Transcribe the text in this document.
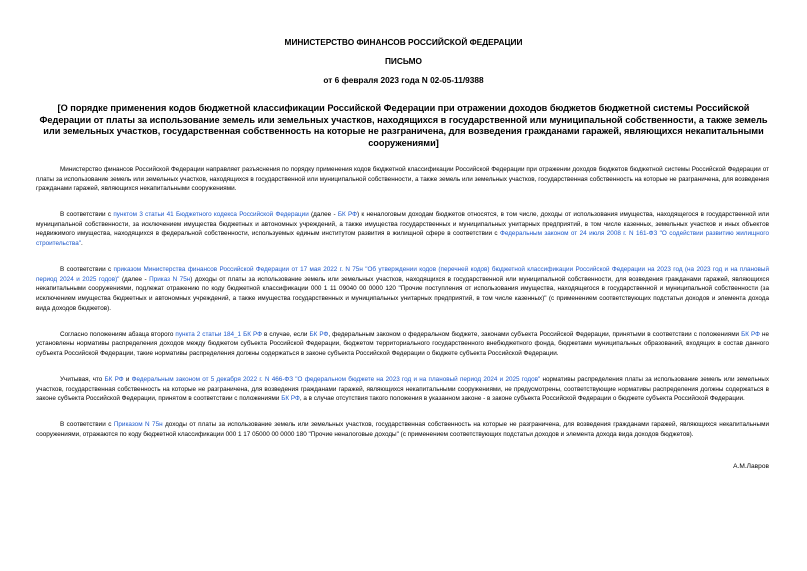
МИНИСТЕРСТВО ФИНАНСОВ РОССИЙСКОЙ ФЕДЕРАЦИИ
ПИСЬМО
от 6 февраля 2023 года N 02-05-11/9388
[О порядке применения кодов бюджетной классификации Российской Федерации при отражении доходов бюджетов бюджетной системы Российской Федерации от платы за использование земель или земельных участков, находящихся в государственной или муниципальной собственности, а также земель или земельных участков, государственная собственность на которые не разграничена, для возведения гражданами гаражей, являющихся некапитальными сооружениями]

Министерство финансов Российской Федерации направляет разъяснения по порядку применения кодов бюджетной классификации Российской Федерации при отражении доходов бюджетов бюджетной системы Российской Федерации от платы за использование земель или земельных участков, находящихся в государственной или муниципальной собственности, а также земель или земельных участков, государственная собственность на которые не разграничена, для возведения гражданами гаражей, являющихся некапитальными сооружениями.

В соответствии с пунктом 3 статьи 41 Бюджетного кодекса Российской Федерации (далее - БК РФ) к неналоговым доходам бюджетов относятся, в том числе, доходы от использования имущества, находящегося в государственной или муниципальной собственности, за исключением имущества бюджетных и автономных учреждений, а также имущества государственных и муниципальных унитарных предприятий, в том числе казенных, земельных участков и иных объектов недвижимого имущества, находящихся в федеральной собственности, используемых единым институтом развития в жилищной сфере в соответствии с Федеральным законом от 24 июля 2008 г. N 161-ФЗ "О содействии развитию жилищного строительства".

В соответствии с приказом Министерства финансов Российской Федерации от 17 мая 2022 г. N 75н "Об утверждении кодов (перечней кодов) бюджетной классификации Российской Федерации на 2023 год (на 2023 год и на плановый период 2024 и 2025 годов)" (далее - Приказ N 75н) доходы от платы за использование земель или земельных участков, находящихся в государственной или муниципальной собственности, для возведения гражданами гаражей, являющихся некапитальными сооружениями, подлежат отражению по коду бюджетной классификации 000 1 11 09040 00 0000 120 "Прочие поступления от использования имущества, находящегося в государственной и муниципальной собственности (за исключением имущества бюджетных и автономных учреждений, а также имущества государственных и муниципальных унитарных предприятий, в том числе казенных)" (с применением соответствующих подстатьи доходов и элемента дохода вида доходов бюджетов).

Согласно положениям абзаца второго пункта 2 статьи 184_1 БК РФ в случае, если БК РФ, федеральным законом о федеральном бюджете, законами субъекта Российской Федерации, принятыми в соответствии с положениями БК РФ не установлены нормативы распределения доходов между бюджетом субъекта Российской Федерации, бюджетом территориального государственного внебюджетного фонда, бюджетами муниципальных образований, входящих в состав данного субъекта Российской Федерации, такие нормативы распределения должны содержаться в законе субъекта Российской Федерации о бюджете субъекта Российской Федерации.

Учитывая, что БК РФ и Федеральным законом от 5 декабря 2022 г. N 466-ФЗ "О федеральном бюджете на 2023 год и на плановый период 2024 и 2025 годов" нормативы распределения платы за использование земель или земельных участков, государственная собственность на которые не разграничена, для возведения гражданами гаражей, являющихся некапитальными сооружениями, не предусмотрены, соответствующие нормативы распределения должны содержаться в законе субъекта Российской Федерации, принятом в соответствии с положениями БК РФ, а в случае отсутствия такого положения в указанном законе - в законе субъекта Российской Федерации о бюджете субъекта Российской Федерации.

В соответствии с Приказом N 75н доходы от платы за использование земель или земельных участков, государственная собственность на которые не разграничена, для возведения гражданами гаражей, являющихся некапитальными сооружениями, отражаются по коду бюджетной классификации 000 1 17 05000 00 0000 180 "Прочие неналоговые доходы" (с применением соответствующих подстатьи доходов и элемента дохода вида доходов бюджетов).

А.М.Лавров
